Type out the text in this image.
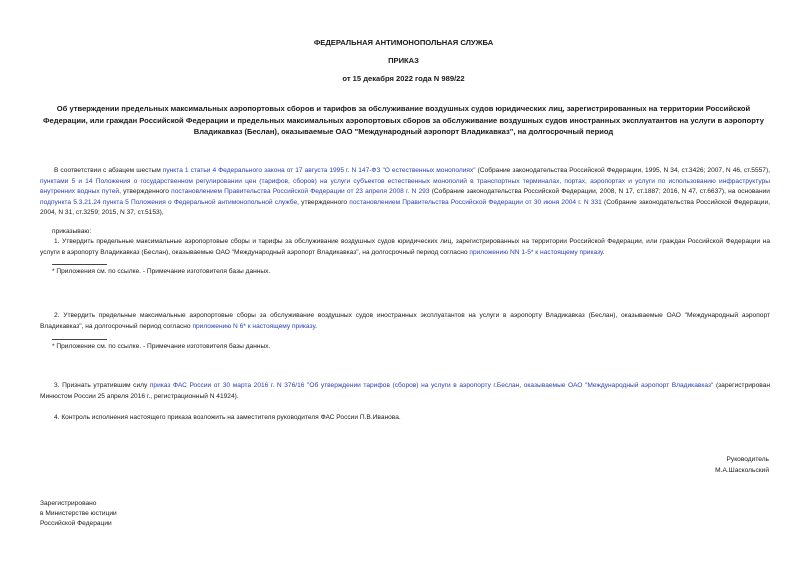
ФЕДЕРАЛЬНАЯ АНТИМОНОПОЛЬНАЯ СЛУЖБА
ПРИКАЗ
от 15 декабря 2022 года N 989/22
Об утверждении предельных максимальных аэропортовых сборов и тарифов за обслуживание воздушных судов юридических лиц, зарегистрированных на территории Российской Федерации, или граждан Российской Федерации и предельных максимальных аэропортовых сборов за обслуживание воздушных судов иностранных эксплуатантов на услуги в аэропорту Владикавказ (Беслан), оказываемые ОАО "Международный аэропорт Владикавказ", на долгосрочный период
В соответствии с абзацем шестым пункта 1 статьи 4 Федерального закона от 17 августа 1995 г. N 147-ФЗ "О естественных монополиях" (Собрание законодательства Российской Федерации, 1995, N 34, ст.3426; 2007, N 46, ст.5557), пунктами 5 и 14 Положения о государственном регулировании цен (тарифов, сборов) на услуги субъектов естественных монополий в транспортных терминалах, портах, аэропортах и услуги по использованию инфраструктуры внутренних водных путей, утвержденного постановлением Правительства Российской Федерации от 23 апреля 2008 г. N 293 (Собрание законодательства Российской Федерации, 2008, N 17, ст.1887; 2016, N 47, ст.6637), на основании подпункта 5.3.21.24 пункта 5 Положения о Федеральной антимонопольной службе, утвержденного постановлением Правительства Российской Федерации от 30 июня 2004 г. N 331 (Собрание законодательства Российской Федерации, 2004, N 31, ст.3259; 2015, N 37, ст.5153),
приказываю:
1. Утвердить предельные максимальные аэропортовые сборы и тарифы за обслуживание воздушных судов юридических лиц, зарегистрированных на территории Российской Федерации, или граждан Российской Федерации на услуги в аэропорту Владикавказ (Беслан), оказываемые ОАО "Международный аэропорт Владикавказ", на долгосрочный период согласно приложению NN 1-5* к настоящему приказу.
* Приложения см. по ссылке. - Примечание изготовителя базы данных.
2. Утвердить предельные максимальные аэропортовые сборы за обслуживание воздушных судов иностранных эксплуатантов на услуги в аэропорту Владикавказ (Беслан), оказываемые ОАО "Международный аэропорт Владикавказ", на долгосрочный период согласно приложению N 6* к настоящему приказу.
* Приложение см. по ссылке. - Примечание изготовителя базы данных.
3. Признать утратившим силу приказ ФАС России от 30 марта 2016 г. N 376/16 "Об утверждении тарифов (сборов) на услуги в аэропорту г.Беслан, оказываемые ОАО "Международный аэропорт Владикавказ" (зарегистрирован Минюстом России 25 апреля 2016 г., регистрационный N 41924).
4. Контроль исполнения настоящего приказа возложить на заместителя руководителя ФАС России П.В.Иванова.
Руководитель
М.А.Шаскольский
Зарегистрировано
в Министерстве юстиции
Российской Федерации
